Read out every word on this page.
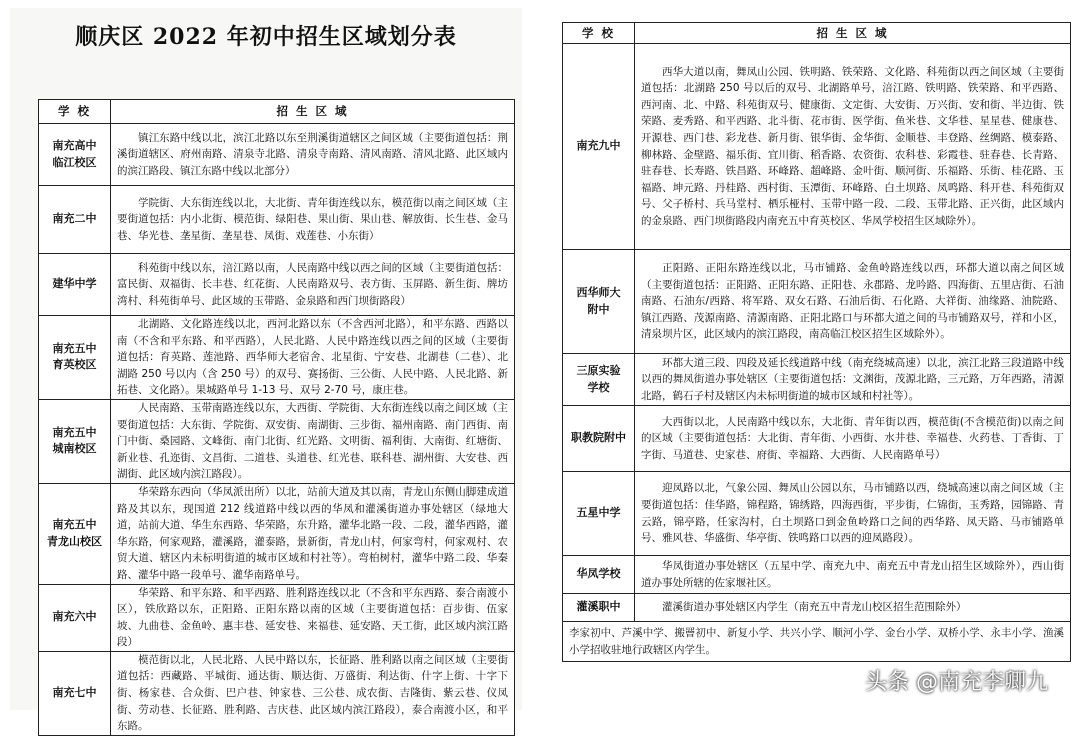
顺庆区 2022 年初中招生区域划分表
学 校	招 生 区 域
南充高中
临江校区	镇江东路中线以北，滨江北路以东至荆溪街道辖区之间区域（主要街道包括：荆溪街道辖区、府州南路、清泉寺北路、清泉寺南路、清风南路、清风北路、此区域内的滨江路段、镇江东路中线以北部分）
南充二中	学院街、大东街连线以北，大北街、青年街连线以东，模范街以南之间区域（主要街道包括：内小北街、模范街、绿阳巷、果山街、果山巷、解放街、长生巷、金马巷、华光巷、垄星街、垄星巷、凤街、戏莲巷、小东街）
建华中学	科苑街中线以东，涪江路以南，人民南路中线以西之间的区域（主要街道包括：富民街、双福街、长丰巷、红花街、人民南路双号、表方街、玉屏路、新生街、牌坊湾村、科苑街单号、此区域的玉带路、金泉路和西门坝街路段）
南充五中
育英校区	北湖路、文化路连线以北，西河北路以东（不含西河北路），和平东路、西路以南（不含和平东路、和平西路），人民北路、人民中路连线以西之间的区域（主要街道包括：育英路、莲池路、西华师大老宿舍、北星街、宁安巷、北湖巷（二巷）、北湖路 250 号以内（含 250 号）的双号、赛扬街、三公街、人民中路、人民北路、新拓巷、文化路）。果城路单号 1-13 号、双号 2-70 号，康庄巷。
南充五中
城南校区	人民南路、玉带南路连线以东，大西街、学院街、大东街连线以南之间区域（主要街道包括：大东街、学院街、双安街、南湖街、三步街、福州南路、南门西街、南门中街、桑园路、文峰街、南门北街、红光路、文明街、福利街、大南街、红塘街、新业巷、孔迩街、文昌街、二道巷、头道巷、红光巷、联科巷、湖州街、大安巷、西湖街、此区域内滨江路段）。
南充五中
青龙山校区	华荣路东西向（华凤派出所）以北，站前大道及其以南，青龙山东侧山脚建成道路及其以东，现国道 212 线道路中线以西的华凤和灌溪街道办事处辖区（绿地大道，站前大道、华生东西路、华荣路，东升路，灌华北路一段、二段，灌华西路，灌华东路，何家观路，灌溪路，灌泰路，景新街，青龙山村，何家弯村，何家观村、农贸大道、辖区内未标明街道的城市区域和村社等）。弯柏树村，灌华中路二段、华秦路、灌华中路一段单号、灌华南路单号。
南充六中	华荣路、和平东路、和平西路、胜利路连线以北（不含和平东西路、泰合南渡小区），铁欣路以东，正阳路、正阳东路以南的区域（主要街道包括：百步街、伍家坡、九曲巷、金鱼岭、惠丰巷、延安巷、来福巷、延安路、天工街，此区域内滨江路段）
南充七中	模范街以北，人民北路、人民中路以东，长征路、胜利路以南之间区域（主要街道包括：西藏路、平城街、通达街、顺达街、万盛街、利达街、什字上街、十字下街、杨家巷、合众街、巴户巷、钟家巷、三公巷、成农街、吉隆街、紫云巷、仪凤街、劳动巷、长征路、胜利路、吉庆巷、此区域内滨江路段），泰合南渡小区，和平东路。
学 校	招 生 区 域
南充九中	西华大道以南，舞凤山公园、铁明路、铁荣路、文化路、科苑街以西之间区域（主要街道包括：北湖路 250 号以后的双号、北湖路单号，涪江路、铁明路、铁荣路、和平西路、西河南、北、中路、科苑街双号、健康街、文定街、大安街、万兴街、安和街、半边街、铁荣路、麦秀路、和平西路、北斗街、花市街、医学街、鱼米巷、文华巷、星星巷、健康巷、开源巷、西门巷、彩龙巷、新月街、银华街、金华街、金顺巷、丰登路、丝绸路、模泰路、柳林路、金壁路、福乐街、宜川街、稻香路、农资街、农科巷、彩霞巷、驻春巷、长青路、驻春巷、长寿路、铁昌路、环峰路、超峰路、金叶街、顺河街、乐福路、乐街、桂花路、玉福路、坤元路、丹桂路、西村街、玉潭街、环峰路、白土坝路、凤鸣路、科开巷、科苑街双号、父子桥村、兵马堂村、栖乐桠村、玉带中路一段、二段、玉带北路、正兴街，此区域内的金泉路、西门坝街路段内南充五中育英校区、华凤学校招生区域除外）。
西华师大
附中	正阳路、正阳东路连线以北，马市铺路、金鱼岭路连线以西，环都大道以南之间区域（主要街道包括：正阳路、正阳东路、正阳巷、永郡路、龙吟路、四海街、五里店街、石油南路、石油东/西路、将军路、双女石路、石油后街、石化路、大祥街、油缘路、油院路、镇江西路、茂源南路、清源南路、正阳北路口与环都大道之间的马市铺路双号，祥和小区，清泉坝片区，此区域内的滨江路段，南高临江校区招生区域除外）。
三原实验
学校	环都大道三段、四段及延长线道路中线（南充绕城高速）以北，滨江北路三段道路中线以西的舞凤街道办事处辖区（主要街道包括：文渊街，茂源北路，三元路，万年西路，清源北路，鹤石子村及辖区内未标明街道的城市区域和村社等）。
职教院附中	大西街以北，人民南路中线以东，大北街、青年街以西，模范街(不含模范街)以南之间的区域（主要街道包括：大北街、青年街、小西街、水井巷、幸福巷、火药巷、丁香街、丁字街、马道巷、史家巷、府街、幸福路、大西街、人民南路单号）
五星中学	迎凤路以北，气象公园、舞凤山公园以东，马市铺路以西，绕城高速以南之间区域（主要街道包括：佳华路，锦程路，锦绣路，四海西街，平步街，仁锦街，玉秀路，园锦路、青云路，锦亭路，任家沟村，白土坝路口到金鱼岭路口之间的西华路、凤天路、马市铺路单号、雅风巷、华盛街、华亭街、铁鸣路口以西的迎凤路段）。
华凤学校	华凤街道办事处辖区（五星中学、南充九中、南充五中青龙山招生区域除外），西山街道办事处所辖的佐家堰社区。
灌溪职中	灌溪街道办事处辖区内学生（南充五中青龙山校区招生范围除外）
李家初中、芦溪中学、搬罾初中、新复小学、共兴小学、顺河小学、金台小学、双桥小学、永丰小学、渔溪小学招收驻地行政辖区内学生。	
头条 @南充李卿九
